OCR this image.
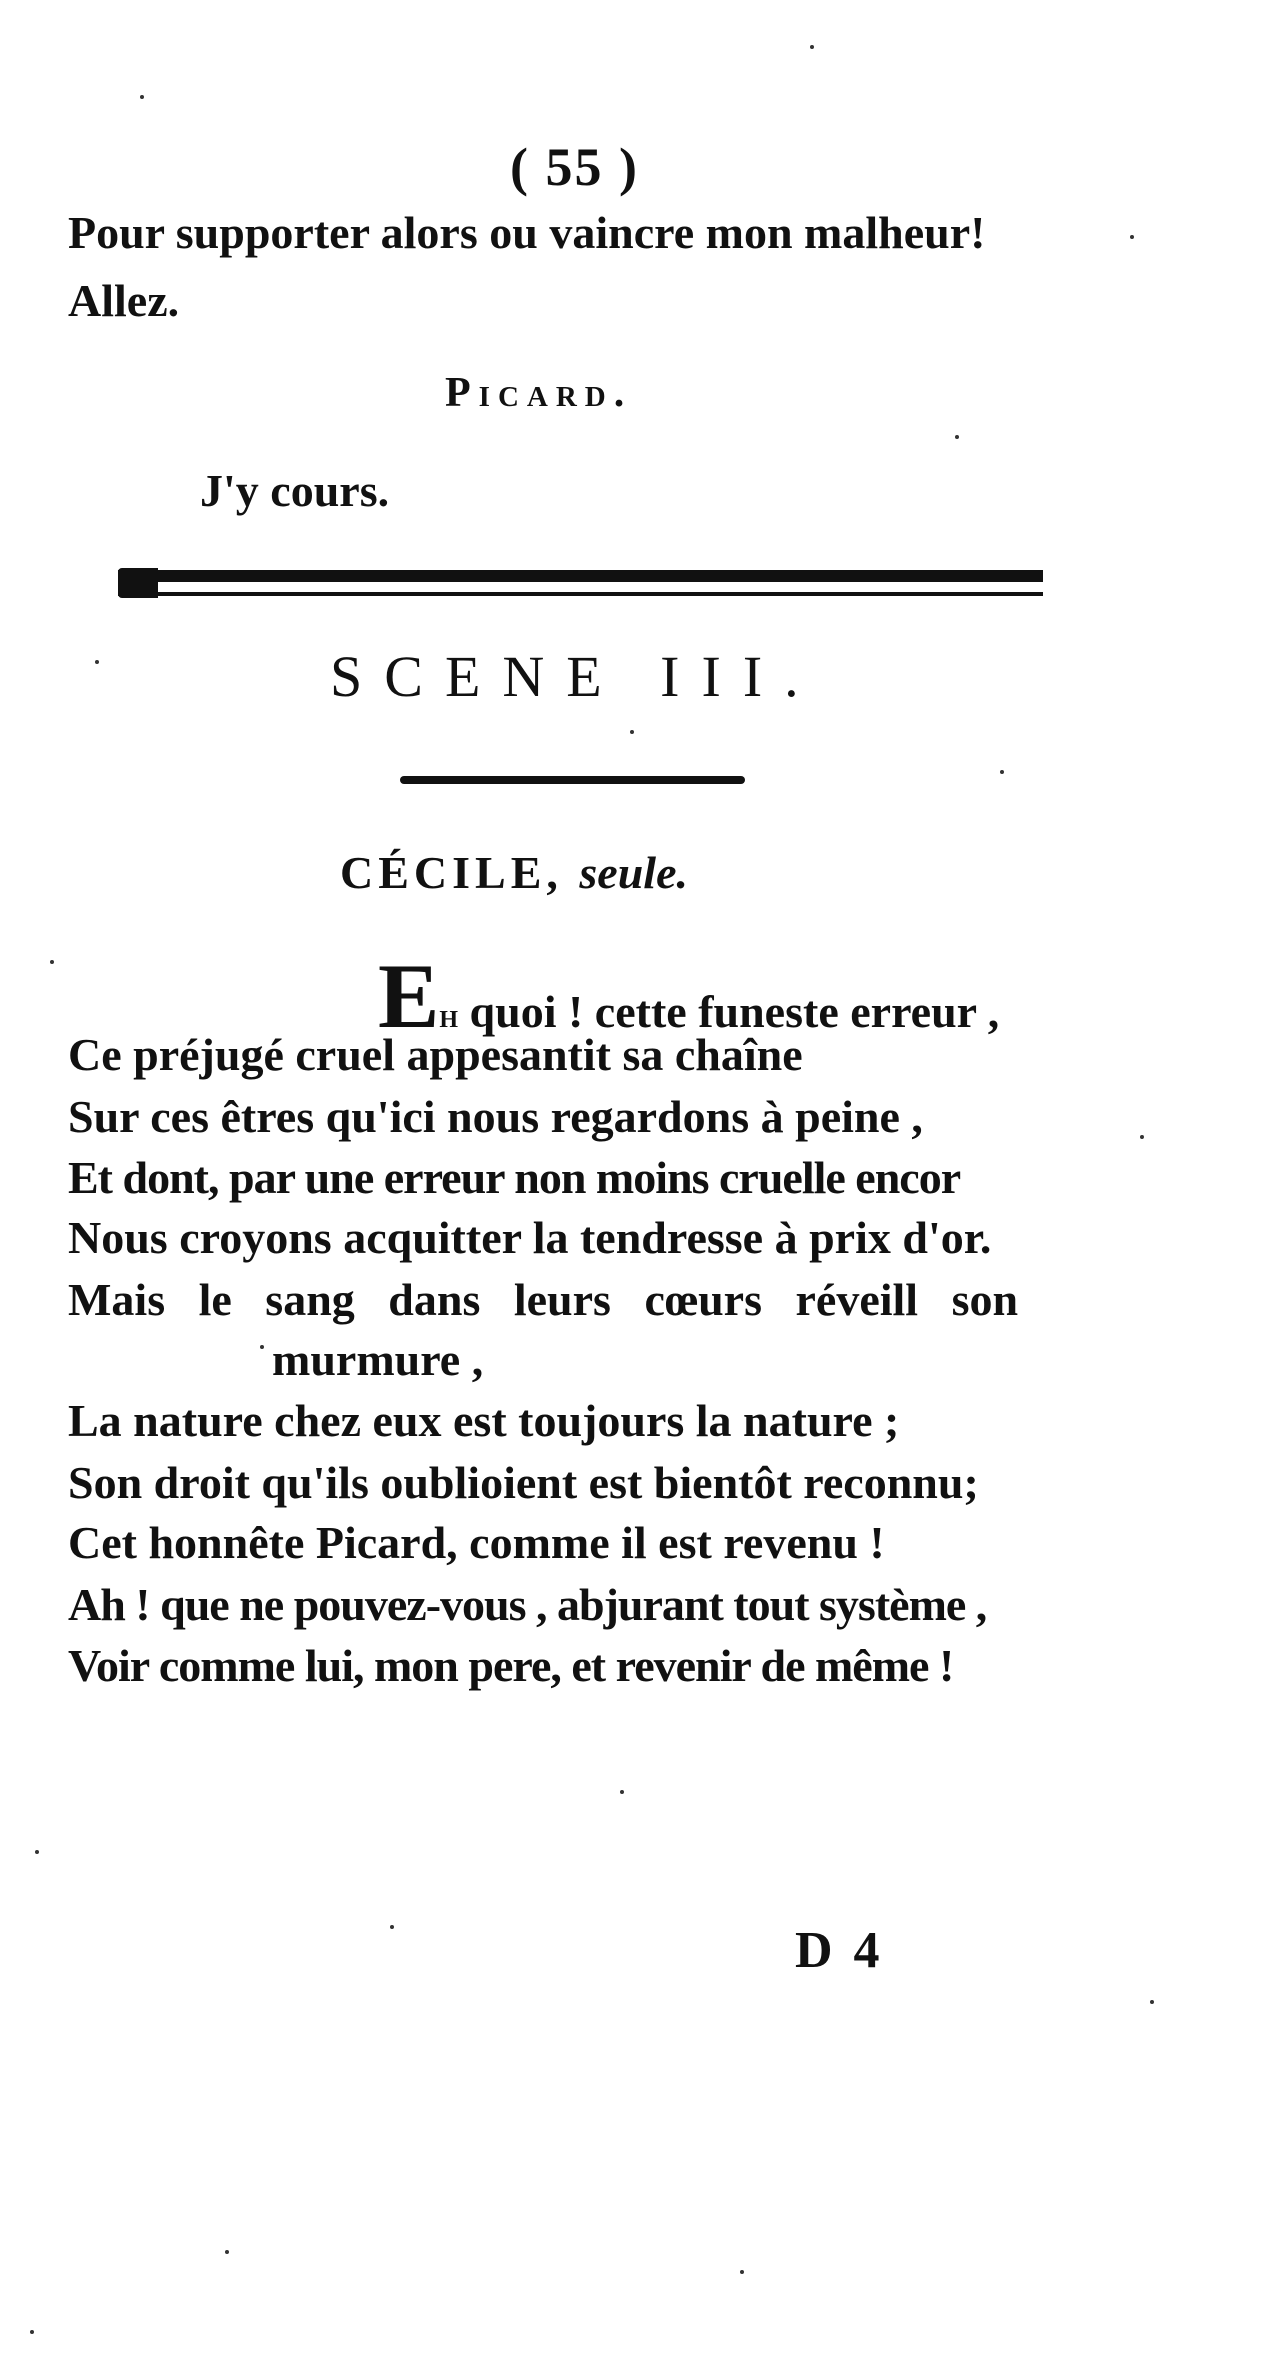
( 55 )
Pour supporter alors ou vaincre mon malheur!
Allez.
Picard.
J'y cours.
SCENE III.
CÉCILE, seule.
Eh quoi ! cette funeste erreur ,
Ce préjugé cruel appesantit sa chaîne
Sur ces êtres qu'ici nous regardons à peine ,
Et dont, par une erreur non moins cruelle encor
Nous croyons acquitter la tendresse à prix d'or.
Mais le sang dans leurs cœurs réveill son
murmure ,
La nature chez eux est toujours la nature ;
Son droit qu'ils oublioient est bientôt reconnu;
Cet honnête Picard, comme il est revenu !
Ah ! que ne pouvez-vous , abjurant tout système ,
Voir comme lui, mon pere, et revenir de même !
D 4
